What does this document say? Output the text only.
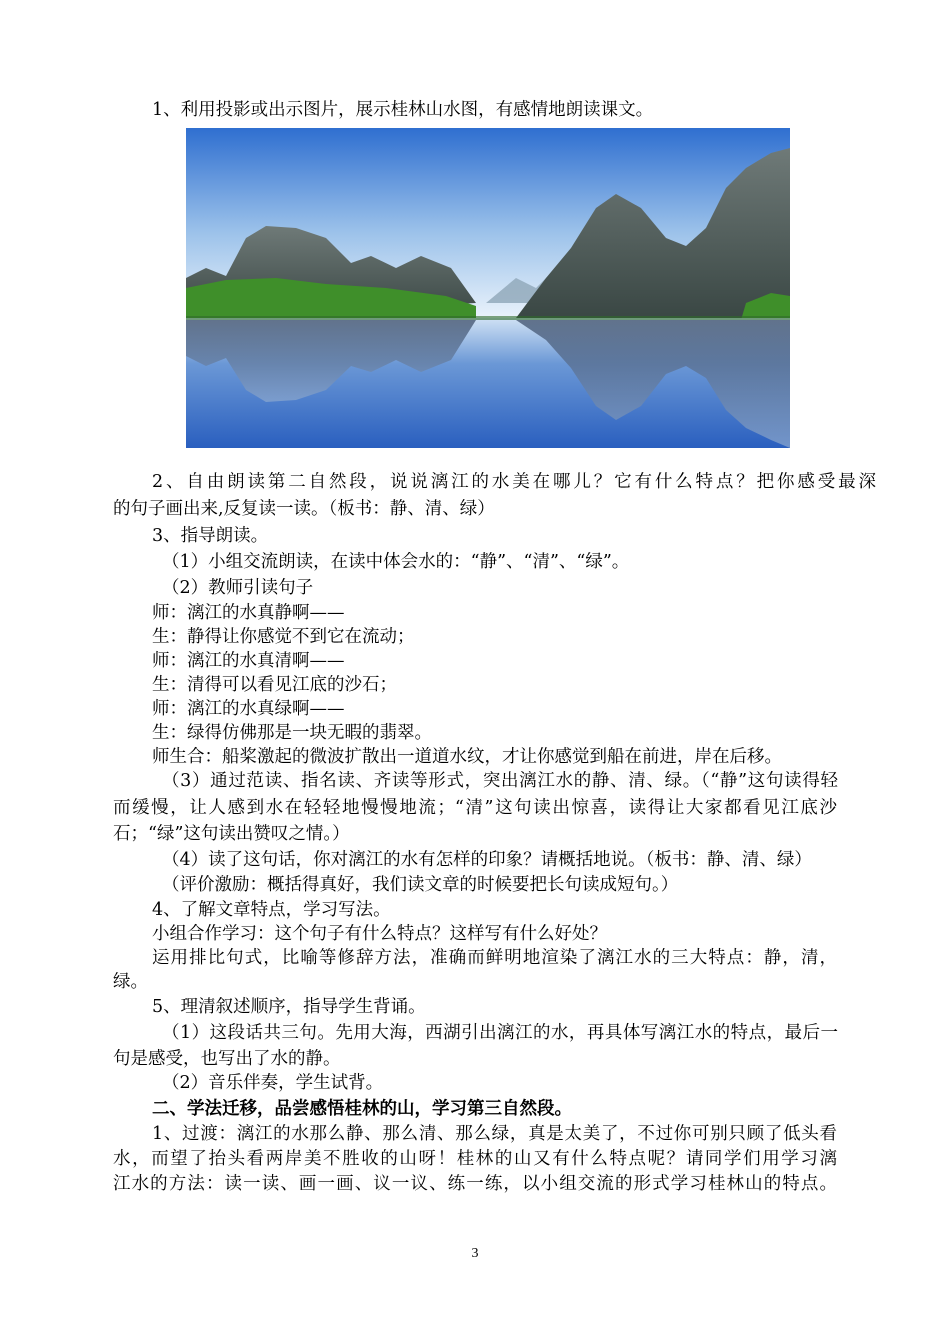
1、利用投影或出示图片，展示桂林山水图，有感情地朗读课文。
2、自由朗读第二自然段，说说漓江的水美在哪儿？它有什么特点？把你感受最深
的句子画出来,反复读一读。（板书：静、清、绿）
3、指导朗读。
（1）小组交流朗读，在读中体会水的：“静”、“清”、“绿”。
（2）教师引读句子
师：漓江的水真静啊——
生：静得让你感觉不到它在流动；
师：漓江的水真清啊——
生：清得可以看见江底的沙石；
师：漓江的水真绿啊——
生：绿得仿佛那是一块无暇的翡翠。
师生合：船桨激起的微波扩散出一道道水纹，才让你感觉到船在前进，岸在后移。
（3）通过范读、指名读、齐读等形式，突出漓江水的静、清、绿。（“静”这句读得轻
而缓慢，让人感到水在轻轻地慢慢地流；“清”这句读出惊喜，读得让大家都看见江底沙
石；“绿”这句读出赞叹之情。）
（4）读了这句话，你对漓江的水有怎样的印象？请概括地说。（板书：静、清、绿）
（评价激励：概括得真好，我们读文章的时候要把长句读成短句。）
4、了解文章特点，学习写法。
小组合作学习：这个句子有什么特点？这样写有什么好处？
运用排比句式，比喻等修辞方法，准确而鲜明地渲染了漓江水的三大特点：静，清，
绿。
5、理清叙述顺序，指导学生背诵。
（1）这段话共三句。先用大海，西湖引出漓江的水，再具体写漓江水的特点，最后一
句是感受，也写出了水的静。
（2）音乐伴奏，学生试背。
二、学法迁移，品尝感悟桂林的山，学习第三自然段。
1、过渡：漓江的水那么静、那么清、那么绿，真是太美了，不过你可别只顾了低头看
水，而望了抬头看两岸美不胜收的山呀！桂林的山又有什么特点呢？请同学们用学习漓
江水的方法：读一读、画一画、议一议、练一练，以小组交流的形式学习桂林山的特点。
3
